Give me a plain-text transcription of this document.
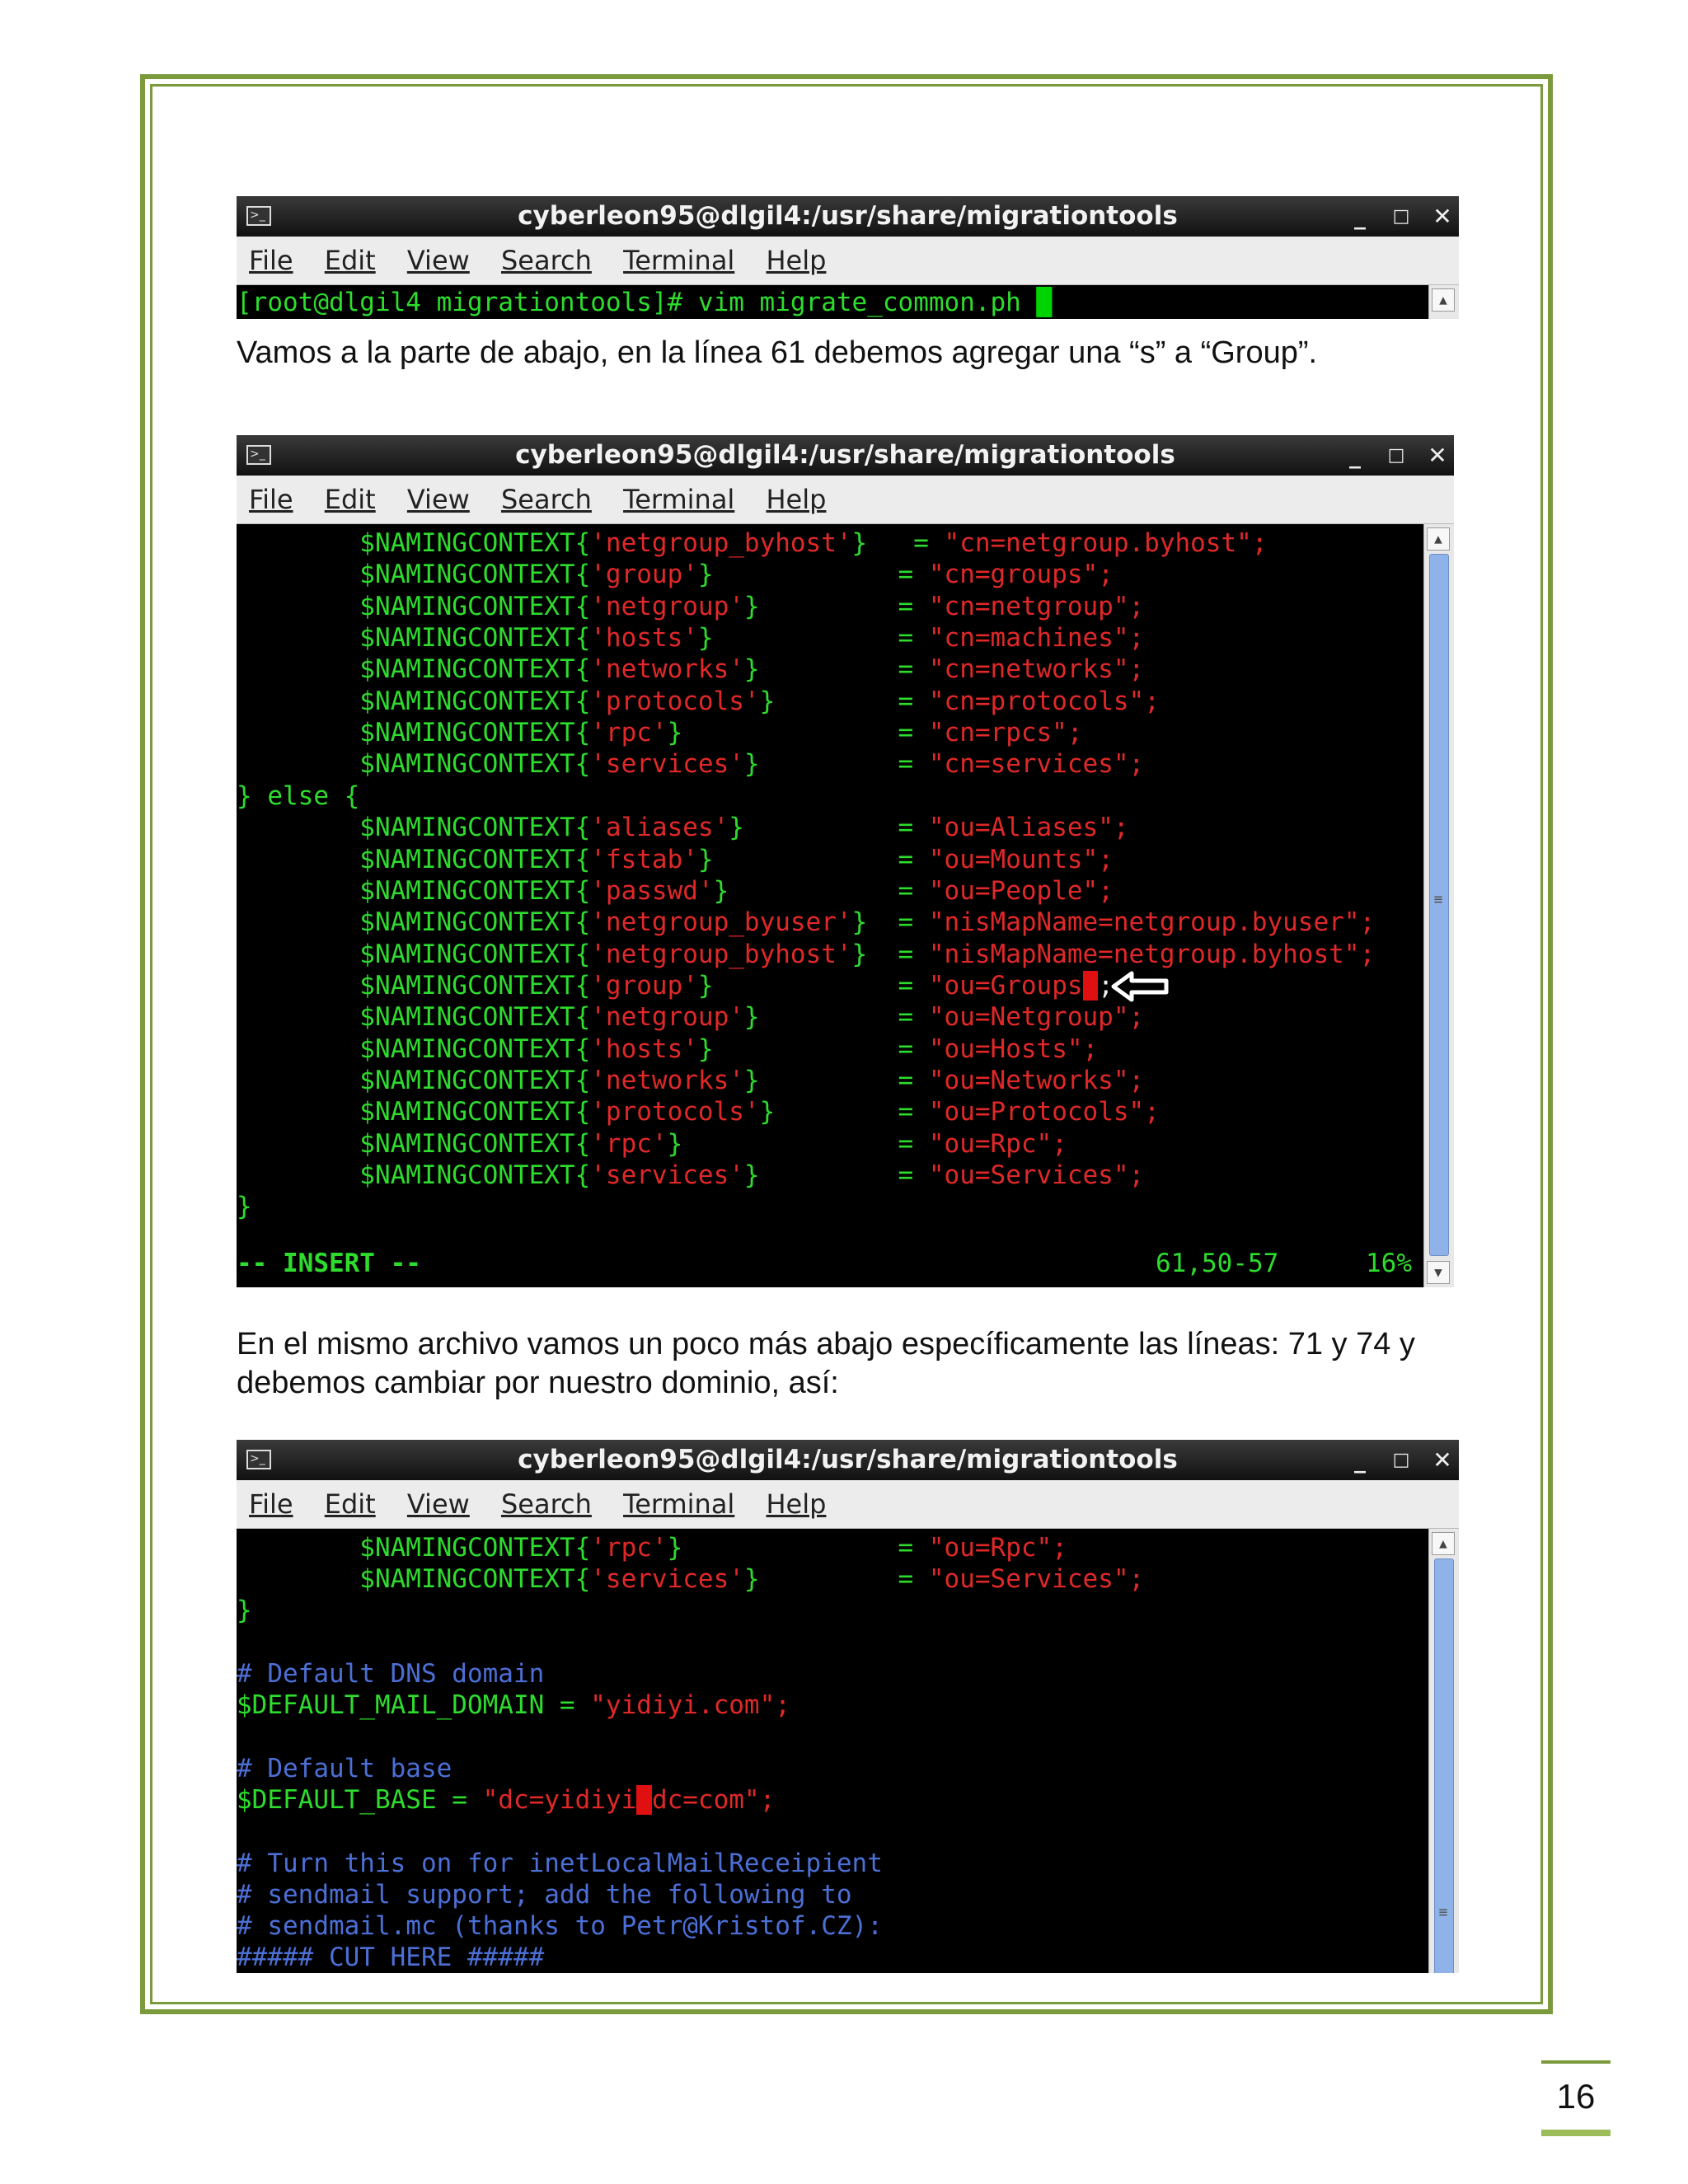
>_	cyberleon95@dlgil4:/usr/share/migrationtools	_	□ ✕
File Edit View Search Terminal Help
[root@dlgil4 migrationtools]# vim migrate_common.ph █	▲

Vamos a la parte de abajo, en la línea 61 debemos agregar una “s” a “Group”.

>_	cyberleon95@dlgil4:/usr/share/migrationtools	_	□ ✕
File Edit View Search Terminal Help
$NAMINGCONTEXT{'netgroup_byhost'}   = "cn=netgroup.byhost";
$NAMINGCONTEXT{'group'}            = "cn=groups";
$NAMINGCONTEXT{'netgroup'}         = "cn=netgroup";
$NAMINGCONTEXT{'hosts'}            = "cn=machines";
$NAMINGCONTEXT{'networks'}         = "cn=networks";
$NAMINGCONTEXT{'protocols'}        = "cn=protocols";
$NAMINGCONTEXT{'rpc'}              = "cn=rpcs";
$NAMINGCONTEXT{'services'}         = "cn=services";
} else {
$NAMINGCONTEXT{'aliases'}          = "ou=Aliases";
$NAMINGCONTEXT{'fstab'}            = "ou=Mounts";
$NAMINGCONTEXT{'passwd'}           = "ou=People";
$NAMINGCONTEXT{'netgroup_byuser'}  = "nisMapName=netgroup.byuser";
$NAMINGCONTEXT{'netgroup_byhost'}  = "nisMapName=netgroup.byhost";
$NAMINGCONTEXT{'group'}            = "ou=Groups";
$NAMINGCONTEXT{'netgroup'}         = "ou=Netgroup";
$NAMINGCONTEXT{'hosts'}            = "ou=Hosts";
$NAMINGCONTEXT{'networks'}         = "ou=Networks";
$NAMINGCONTEXT{'protocols'}        = "ou=Protocols";
$NAMINGCONTEXT{'rpc'}              = "ou=Rpc";
$NAMINGCONTEXT{'services'}         = "ou=Services";
}
-- INSERT --	61,50-57	16%
▲
≡
▼

En el mismo archivo vamos un poco más abajo específicamente las líneas: 71 y 74 y debemos cambiar por nuestro dominio, así:

>_	cyberleon95@dlgil4:/usr/share/migrationtools	_	□ ✕
File Edit View Search Terminal Help
$NAMINGCONTEXT{'rpc'}              = "ou=Rpc";
$NAMINGCONTEXT{'services'}         = "ou=Services";
}
# Default DNS domain
$DEFAULT_MAIL_DOMAIN = "yidiyi.com";
# Default base
$DEFAULT_BASE = "dc=yidiyi,dc=com";
# Turn this on for inetLocalMailReceipient
# sendmail support; add the following to
# sendmail.mc (thanks to Petr@Kristof.CZ):
##### CUT HERE #####
▲
≡
16
